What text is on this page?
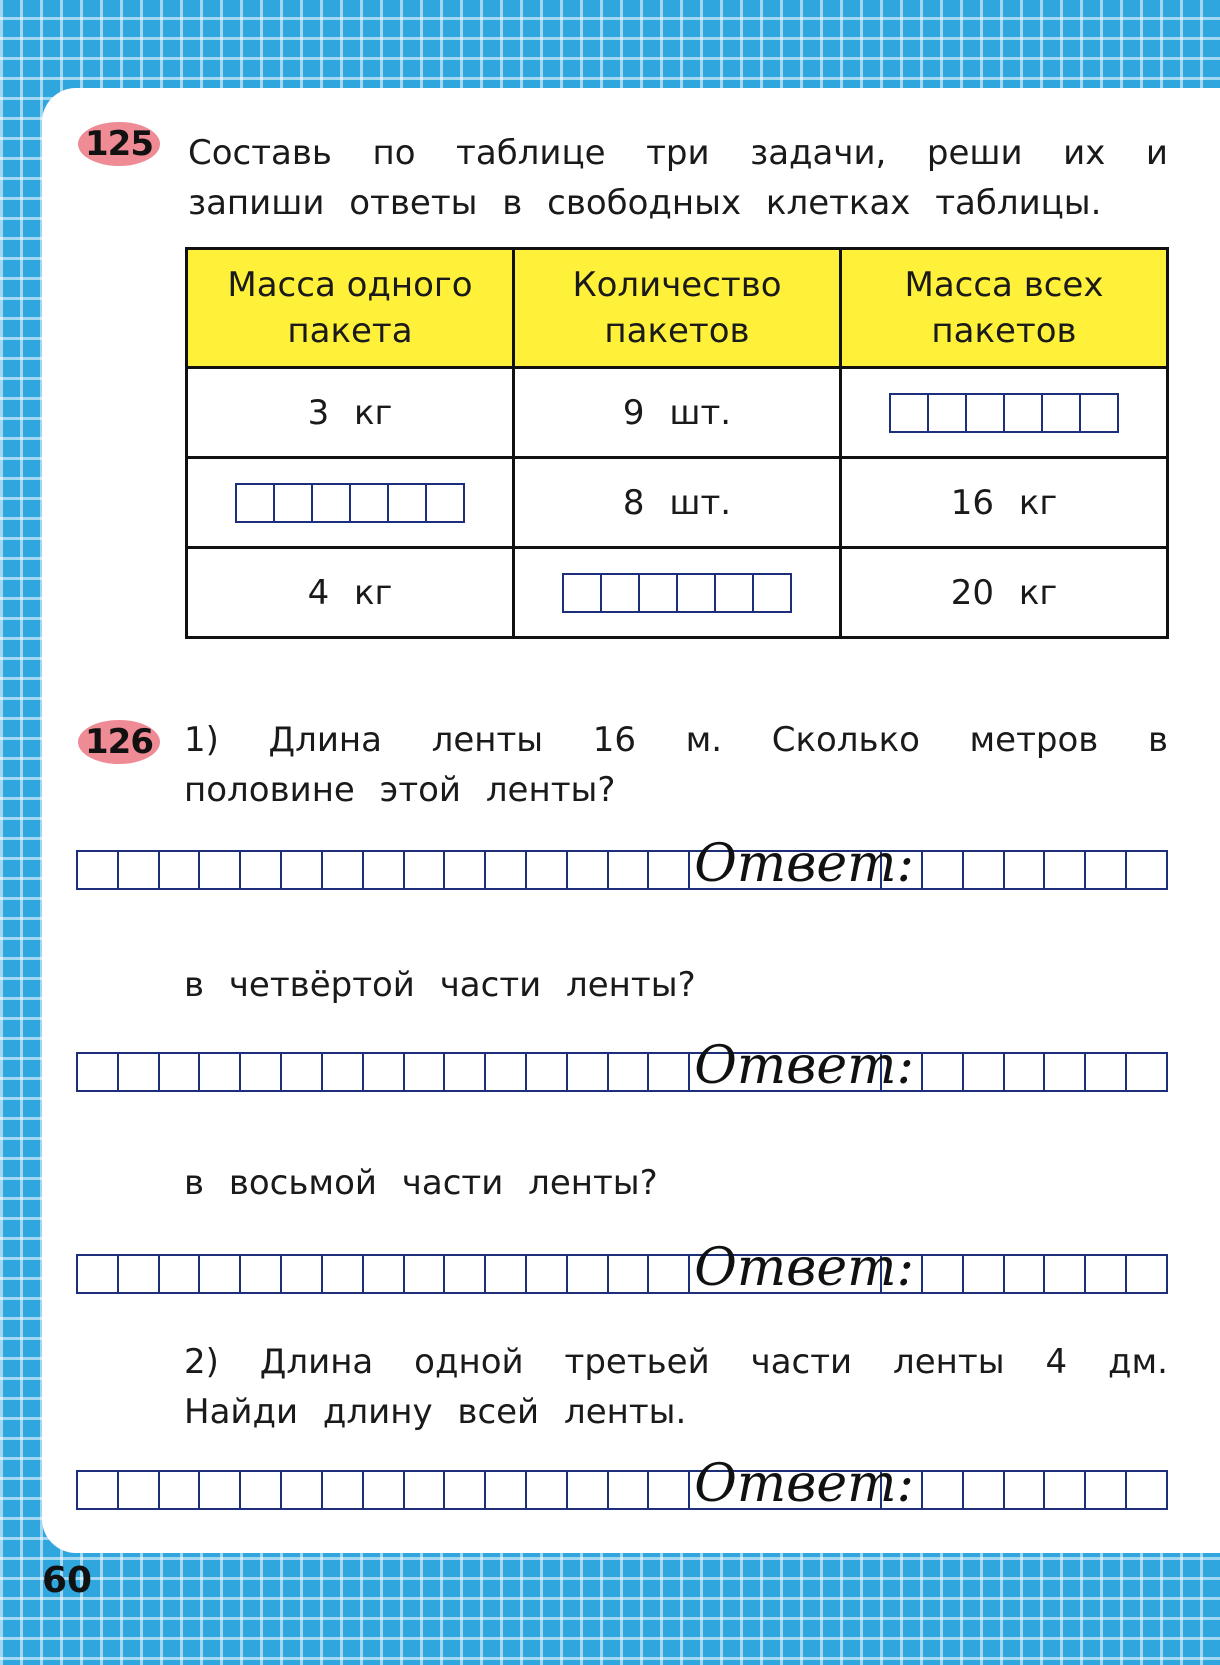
125 Составь по таблице три задачи, реши их и запиши ответы в свободных клетках таблицы.
Масса одного пакета	Количество пакетов	Масса всех пакетов
3 кг	9 шт.	

	8 шт.	16 кг
4 кг		20 кг
126 1) Длина ленты 16 м. Сколько метров в половине этой ленты?
Ответ:
в четвёртой части ленты?
Ответ:
в восьмой части ленты?
Ответ:
2) Длина одной третьей части ленты 4 дм. Найди длину всей ленты.
Ответ:
60
